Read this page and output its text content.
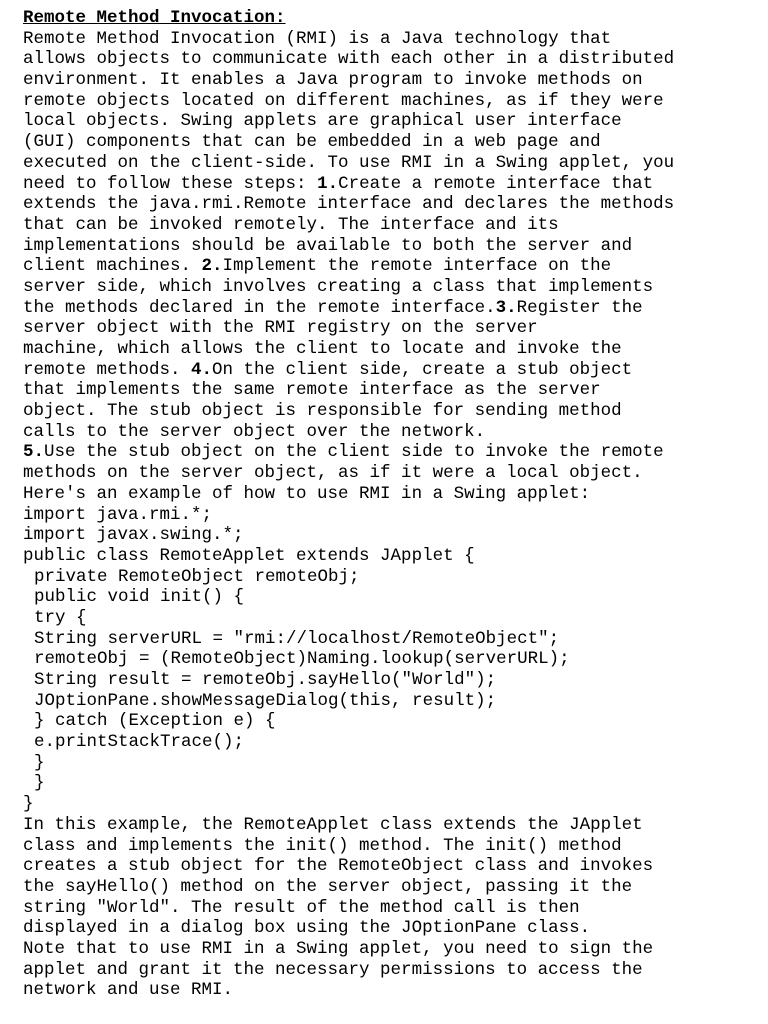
Remote Method Invocation:
Remote Method Invocation (RMI) is a Java technology that
allows objects to communicate with each other in a distributed
environment. It enables a Java program to invoke methods on
remote objects located on different machines, as if they were
local objects. Swing applets are graphical user interface
(GUI) components that can be embedded in a web page and
executed on the client-side. To use RMI in a Swing applet, you
need to follow these steps: 1.Create a remote interface that
extends the java.rmi.Remote interface and declares the methods
that can be invoked remotely. The interface and its
implementations should be available to both the server and
client machines. 2.Implement the remote interface on the
server side, which involves creating a class that implements
the methods declared in the remote interface.3.Register the
server object with the RMI registry on the server
machine, which allows the client to locate and invoke the
remote methods. 4.On the client side, create a stub object
that implements the same remote interface as the server
object. The stub object is responsible for sending method
calls to the server object over the network.
5.Use the stub object on the client side to invoke the remote
methods on the server object, as if it were a local object.
Here's an example of how to use RMI in a Swing applet:
import java.rmi.*;
import javax.swing.*;
public class RemoteApplet extends JApplet {
private RemoteObject remoteObj;
public void init() {
try {
String serverURL = "rmi://localhost/RemoteObject";
remoteObj = (RemoteObject)Naming.lookup(serverURL);
String result = remoteObj.sayHello("World");
JOptionPane.showMessageDialog(this, result);
} catch (Exception e) {
e.printStackTrace();
}
}
}
In this example, the RemoteApplet class extends the JApplet
class and implements the init() method. The init() method
creates a stub object for the RemoteObject class and invokes
the sayHello() method on the server object, passing it the
string "World". The result of the method call is then
displayed in a dialog box using the JOptionPane class.
Note that to use RMI in a Swing applet, you need to sign the
applet and grant it the necessary permissions to access the
network and use RMI.
